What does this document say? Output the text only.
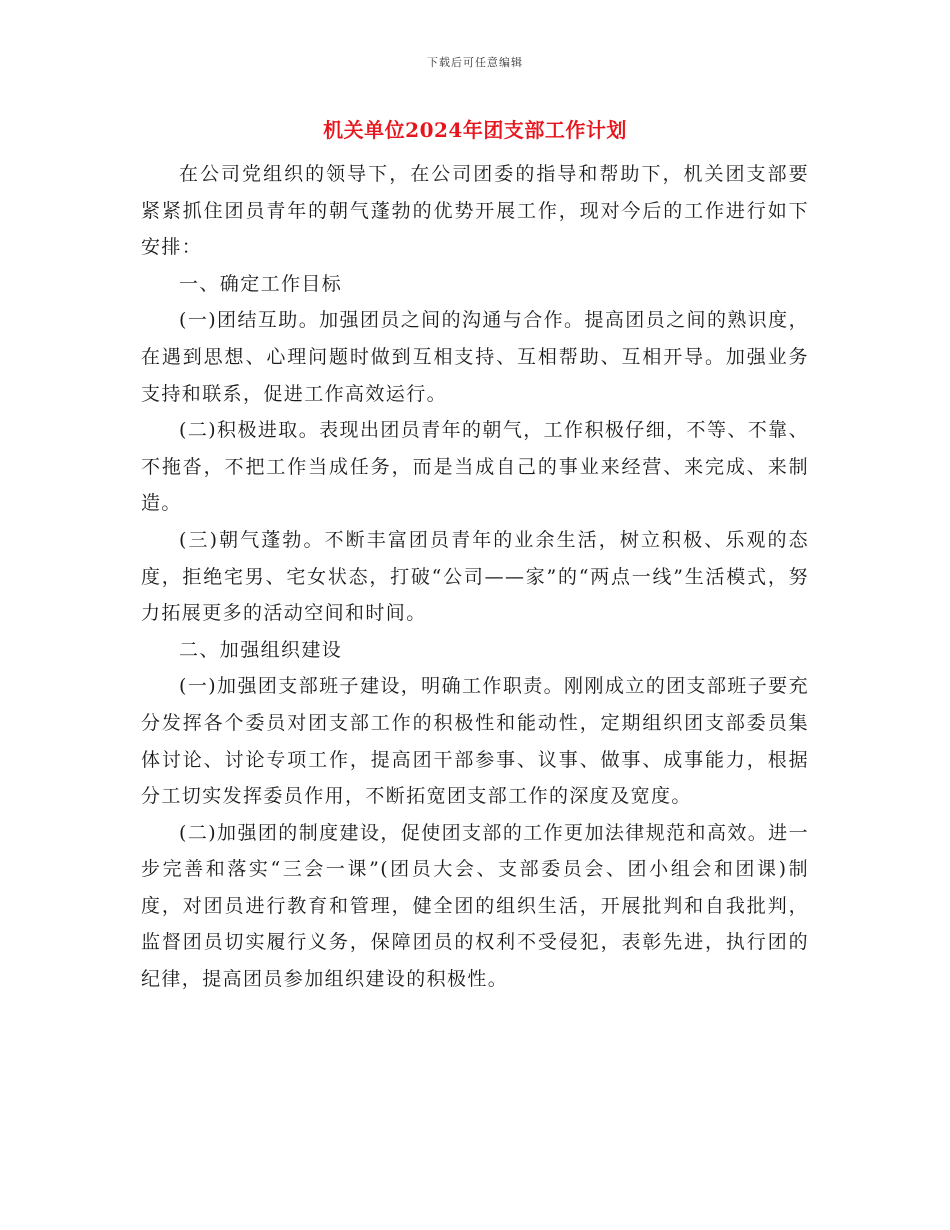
下载后可任意编辑
机关单位2024年团支部工作计划

在公司党组织的领导下，在公司团委的指导和帮助下，机关团支部要紧紧抓住团员青年的朝气蓬勃的优势开展工作，现对今后的工作进行如下安排：

一、确定工作目标

(一)团结互助。加强团员之间的沟通与合作。提高团员之间的熟识度，在遇到思想、心理问题时做到互相支持、互相帮助、互相开导。加强业务支持和联系，促进工作高效运行。

(二)积极进取。表现出团员青年的朝气，工作积极仔细，不等、不靠、不拖沓，不把工作当成任务，而是当成自己的事业来经营、来完成、来制造。

(三)朝气蓬勃。不断丰富团员青年的业余生活，树立积极、乐观的态度，拒绝宅男、宅女状态，打破“公司——家”的“两点一线”生活模式，努力拓展更多的活动空间和时间。

二、加强组织建设

(一)加强团支部班子建设，明确工作职责。刚刚成立的团支部班子要充分发挥各个委员对团支部工作的积极性和能动性，定期组织团支部委员集体讨论、讨论专项工作，提高团干部参事、议事、做事、成事能力，根据分工切实发挥委员作用，不断拓宽团支部工作的深度及宽度。

(二)加强团的制度建设，促使团支部的工作更加法律规范和高效。进一步完善和落实“三会一课”(团员大会、支部委员会、团小组会和团课)制度，对团员进行教育和管理，健全团的组织生活，开展批判和自我批判，监督团员切实履行义务，保障团员的权利不受侵犯，表彰先进，执行团的纪律，提高团员参加组织建设的积极性。
